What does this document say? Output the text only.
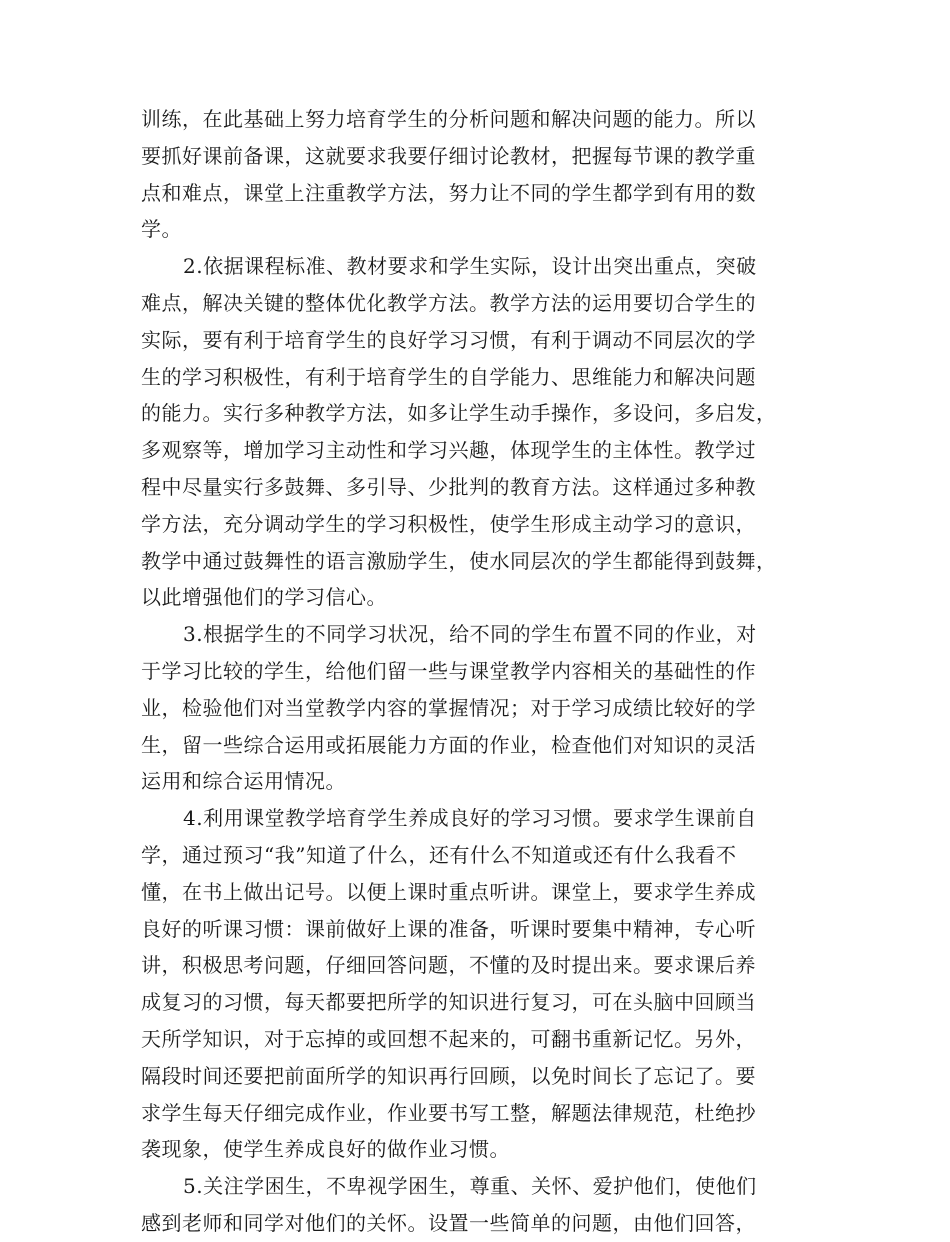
训练，在此基础上努力培育学生的分析问题和解决问题的能力。所以
要抓好课前备课，这就要求我要仔细讨论教材，把握每节课的教学重
点和难点，课堂上注重教学方法，努力让不同的学生都学到有用的数
学。
2.依据课程标准、教材要求和学生实际，设计出突出重点，突破
难点，解决关键的整体优化教学方法。教学方法的运用要切合学生的
实际，要有利于培育学生的良好学习习惯，有利于调动不同层次的学
生的学习积极性，有利于培育学生的自学能力、思维能力和解决问题
的能力。实行多种教学方法，如多让学生动手操作，多设问，多启发，
多观察等，增加学习主动性和学习兴趣，体现学生的主体性。教学过
程中尽量实行多鼓舞、多引导、少批判的教育方法。这样通过多种教
学方法，充分调动学生的学习积极性，使学生形成主动学习的意识，
教学中通过鼓舞性的语言激励学生，使水同层次的学生都能得到鼓舞，
以此增强他们的学习信心。
3.根据学生的不同学习状况，给不同的学生布置不同的作业，对
于学习比较的学生，给他们留一些与课堂教学内容相关的基础性的作
业，检验他们对当堂教学内容的掌握情况；对于学习成绩比较好的学
生，留一些综合运用或拓展能力方面的作业，检查他们对知识的灵活
运用和综合运用情况。
4.利用课堂教学培育学生养成良好的学习习惯。要求学生课前自
学，通过预习“我”知道了什么，还有什么不知道或还有什么我看不
懂，在书上做出记号。以便上课时重点听讲。课堂上，要求学生养成
良好的听课习惯：课前做好上课的准备，听课时要集中精神，专心听
讲，积极思考问题，仔细回答问题，不懂的及时提出来。要求课后养
成复习的习惯，每天都要把所学的知识进行复习，可在头脑中回顾当
天所学知识，对于忘掉的或回想不起来的，可翻书重新记忆。另外，
隔段时间还要把前面所学的知识再行回顾，以免时间长了忘记了。要
求学生每天仔细完成作业，作业要书写工整，解题法律规范，杜绝抄
袭现象，使学生养成良好的做作业习惯。
5.关注学困生，不卑视学困生，尊重、关怀、爱护他们，使他们
感到老师和同学对他们的关怀。设置一些简单的问题，由他们回答，
